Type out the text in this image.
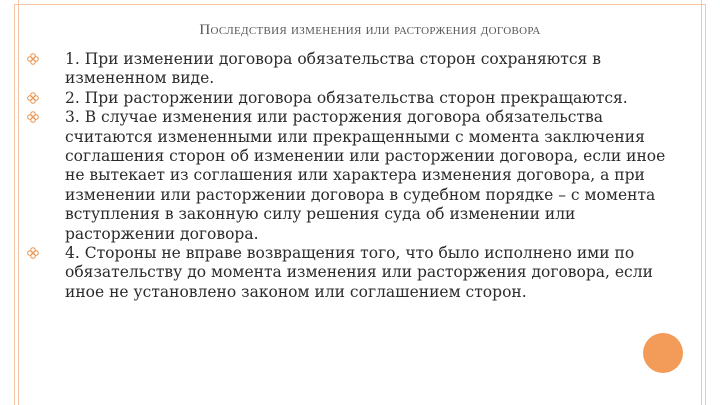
Последствия изменения или расторжения договора
1. При изменении договора обязательства сторон сохраняются в измененном виде.
2. При расторжении договора обязательства сторон прекращаются.
3. В случае изменения или расторжения договора обязательства считаются измененными или прекращенными с момента заключения соглашения сторон об изменении или расторжении договора, если иное не вытекает из соглашения или характера изменения договора, а при изменении или расторжении договора в судебном порядке – с момента вступления в законную силу решения суда об изменении или расторжении договора.
4. Стороны не вправе возвращения того, что было исполнено ими по обязательству до момента изменения или расторжения договора, если иное не установлено законом или соглашением сторон.
